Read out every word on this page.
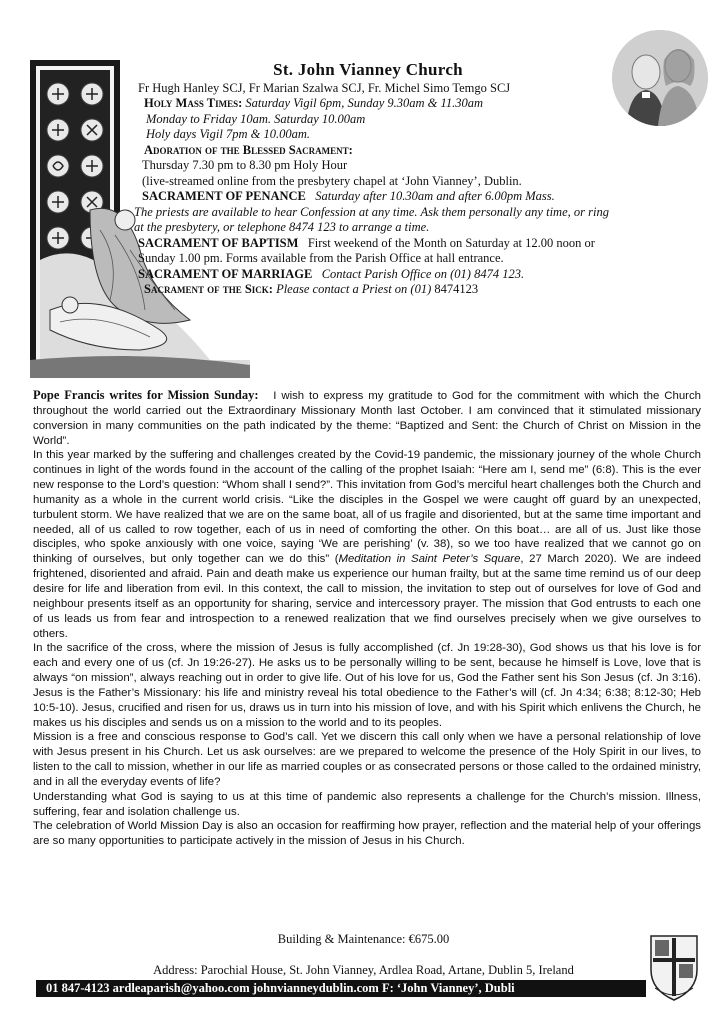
St. John Vianney Church
Fr Hugh Hanley SCJ, Fr Marian Szalwa SCJ, Fr. Michel Simo Temgo SCJ
Holy Mass Times: Saturday Vigil 6pm, Sunday 9.30am & 11.30am
Monday to Friday 10am. Saturday 10.00am
Holy days Vigil 7pm & 10.00am.
Adoration of the Blessed Sacrament:
Thursday 7.30 pm to 8.30 pm Holy Hour
(live-streamed online from the presbytery chapel at ‘John Vianney’, Dublin.
SACRAMENT OF PENANCE Saturday after 10.30am and after 6.00pm Mass.
The priests are available to hear Confession at any time. Ask them personally any time, or ring
at the presbytery, or telephone 8474 123 to arrange a time.
SACRAMENT OF BAPTISM First weekend of the Month on Saturday at 12.00 noon or
Sunday 1.00 pm. Forms available from the Parish Office at hall entrance.
SACRAMENT OF MARRIAGE Contact Parish Office on (01) 8474 123.
Sacrament of the Sick: Please contact a Priest on (01) 8474123

Pope Francis writes for Mission Sunday: I wish to express my gratitude to God for the commitment with which the Church throughout the world carried out the Extraordinary Missionary Month last October. I am convinced that it stimulated missionary conversion in many communities on the path indicated by the theme: “Baptized and Sent: the Church of Christ on Mission in the World”.

In this year marked by the suffering and challenges created by the Covid-19 pandemic, the missionary journey of the whole Church continues in light of the words found in the account of the calling of the prophet Isaiah: “Here am I, send me” (6:8). This is the ever new response to the Lord’s question: “Whom shall I send?”. This invitation from God’s merciful heart challenges both the Church and humanity as a whole in the current world crisis. “Like the disciples in the Gospel we were caught off guard by an unexpected, turbulent storm. We have realized that we are on the same boat, all of us fragile and disoriented, but at the same time important and needed, all of us called to row together, each of us in need of comforting the other. On this boat… are all of us. Just like those disciples, who spoke anxiously with one voice, saying ‘We are perishing’ (v. 38), so we too have realized that we cannot go on thinking of ourselves, but only together can we do this” (Meditation in Saint Peter’s Square, 27 March 2020). We are indeed frightened, disoriented and afraid. Pain and death make us experience our human frailty, but at the same time remind us of our deep desire for life and liberation from evil. In this context, the call to mission, the invitation to step out of ourselves for love of God and neighbour presents itself as an opportunity for sharing, service and intercessory prayer. The mission that God entrusts to each one of us leads us from fear and introspection to a renewed realization that we find ourselves precisely when we give ourselves to others.

In the sacrifice of the cross, where the mission of Jesus is fully accomplished (cf. Jn 19:28-30), God shows us that his love is for each and every one of us (cf. Jn 19:26-27). He asks us to be personally willing to be sent, because he himself is Love, love that is always “on mission”, always reaching out in order to give life. Out of his love for us, God the Father sent his Son Jesus (cf. Jn 3:16). Jesus is the Father’s Missionary: his life and ministry reveal his total obedience to the Father’s will (cf. Jn 4:34; 6:38; 8:12-30; Heb 10:5-10). Jesus, crucified and risen for us, draws us in turn into his mission of love, and with his Spirit which enlivens the Church, he makes us his disciples and sends us on a mission to the world and to its peoples.

Mission is a free and conscious response to God’s call. Yet we discern this call only when we have a personal relationship of love with Jesus present in his Church. Let us ask ourselves: are we prepared to welcome the presence of the Holy Spirit in our lives, to listen to the call to mission, whether in our life as married couples or as consecrated persons or those called to the ordained ministry, and in all the everyday events of life?

Understanding what God is saying to us at this time of pandemic also represents a challenge for the Church’s mission. Illness, suffering, fear and isolation challenge us.

The celebration of World Mission Day is also an occasion for reaffirming how prayer, reflection and the material help of your offerings are so many opportunities to participate actively in the mission of Jesus in his Church.

Building & Maintenance: €675.00
Address: Parochial House, St. John Vianney, Ardlea Road, Artane, Dublin 5, Ireland
01 847-4123 ardleaparish@yahoo.com johnvianneydublin.com F: ‘John Vianney’, Dubli
